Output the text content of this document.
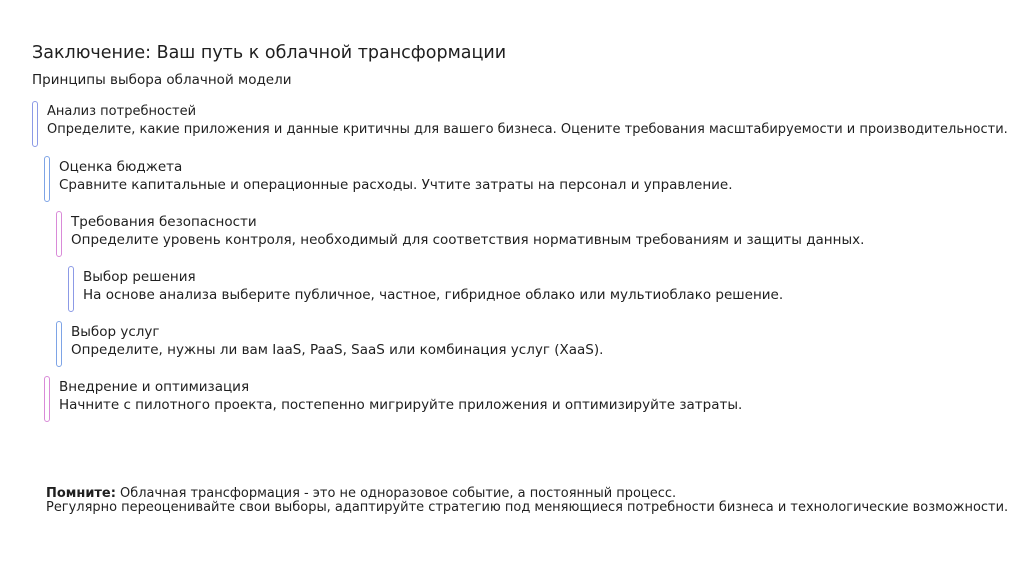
Заключение: Ваш путь к облачной трансформации
Принципы выбора облачной модели
Анализ потребностей
Определите, какие приложения и данные критичны для вашего бизнеса. Оцените требования масштабируемости и производительности.
Оценка бюджета
Сравните капитальные и операционные расходы. Учтите затраты на персонал и управление.
Требования безопасности
Определите уровень контроля, необходимый для соответствия нормативным требованиям и защиты данных.
Выбор решения
На основе анализа выберите публичное, частное, гибридное облако или мультиоблако решение.
Выбор услуг
Определите, нужны ли вам IaaS, PaaS, SaaS или комбинация услуг (XaaS).
Внедрение и оптимизация
Начните с пилотного проекта, постепенно мигрируйте приложения и оптимизируйте затраты.
Помните: Облачная трансформация - это не одноразовое событие, а постоянный процесс.
Регулярно переоценивайте свои выборы, адаптируйте стратегию под меняющиеся потребности бизнеса и технологические возможности.
